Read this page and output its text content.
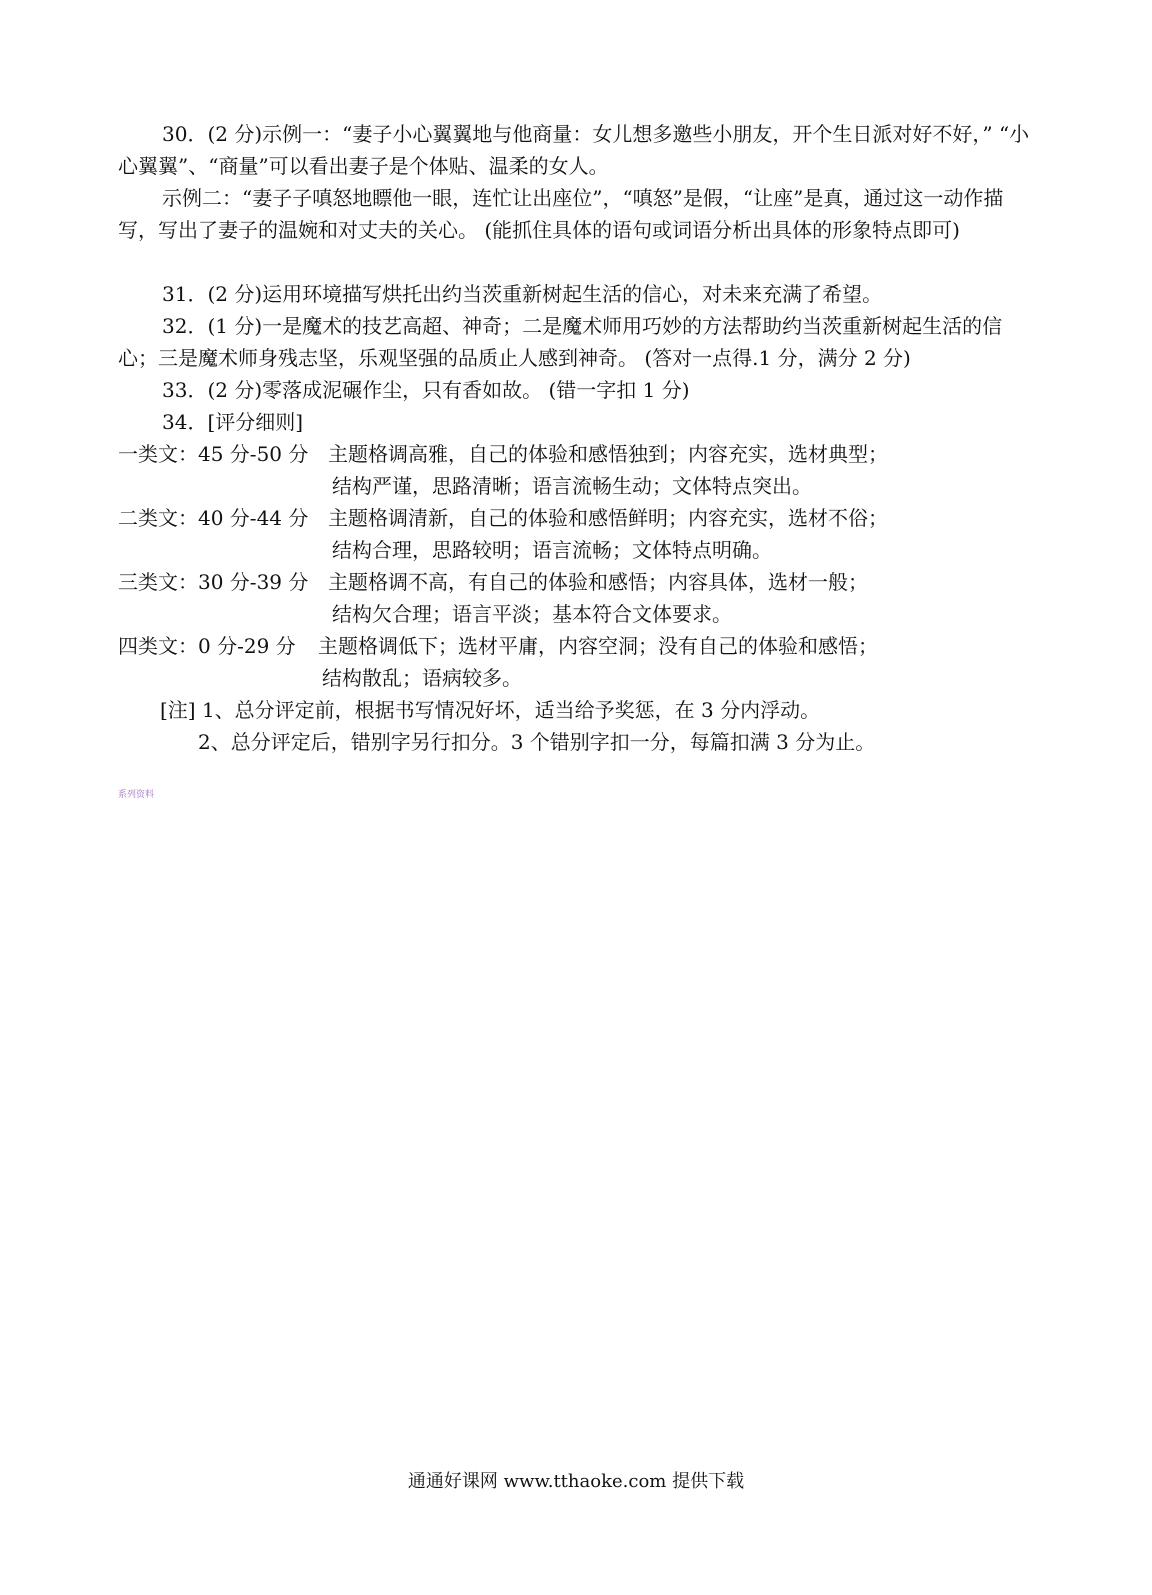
30．(2 分)示例一：“妻子小心翼翼地与他商量：女儿想多邀些小朋友，开个生日派对好不好，” “小心翼翼”、“商量”可以看出妻子是个体贴、温柔的女人。

示例二：“妻子子嗔怒地瞟他一眼，连忙让出座位”，“嗔怒”是假，“让座”是真，通过这一动作描写，写出了妻子的温婉和对丈夫的关心。 (能抓住具体的语句或词语分析出具体的形象特点即可)

31．(2 分)运用环境描写烘托出约当茨重新树起生活的信心，对未来充满了希望。

32．(1 分)一是魔术的技艺高超、神奇；二是魔术师用巧妙的方法帮助约当茨重新树起生活的信心；三是魔术师身残志坚，乐观坚强的品质止人感到神奇。 (答对一点得.1 分，满分 2 分)

33．(2 分)零落成泥碾作尘，只有香如故。 (错一字扣 1 分)

34．[评分细则]

一类文：45 分-50 分 主题格调高雅，自己的体验和感悟独到；内容充实，选材典型；
结构严谨，思路清晰；语言流畅生动；文体特点突出。
二类文：40 分-44 分 主题格调清新，自己的体验和感悟鲜明；内容充实，选材不俗；
结构合理，思路较明；语言流畅；文体特点明确。
三类文：30 分-39 分 主题格调不高，有自己的体验和感悟；内容具体，选材一般；
结构欠合理；语言平淡；基本符合文体要求。
四类文：0 分-29 分 主题格调低下；选材平庸，内容空洞；没有自己的体验和感悟；
结构散乱；语病较多。
[注] 1、总分评定前，根据书写情况好坏，适当给予奖惩，在 3 分内浮动。
2、总分评定后，错别字另行扣分。3 个错别字扣一分，每篇扣满 3 分为止。
系列资料
通通好课网 www.tthaoke.com 提供下载
